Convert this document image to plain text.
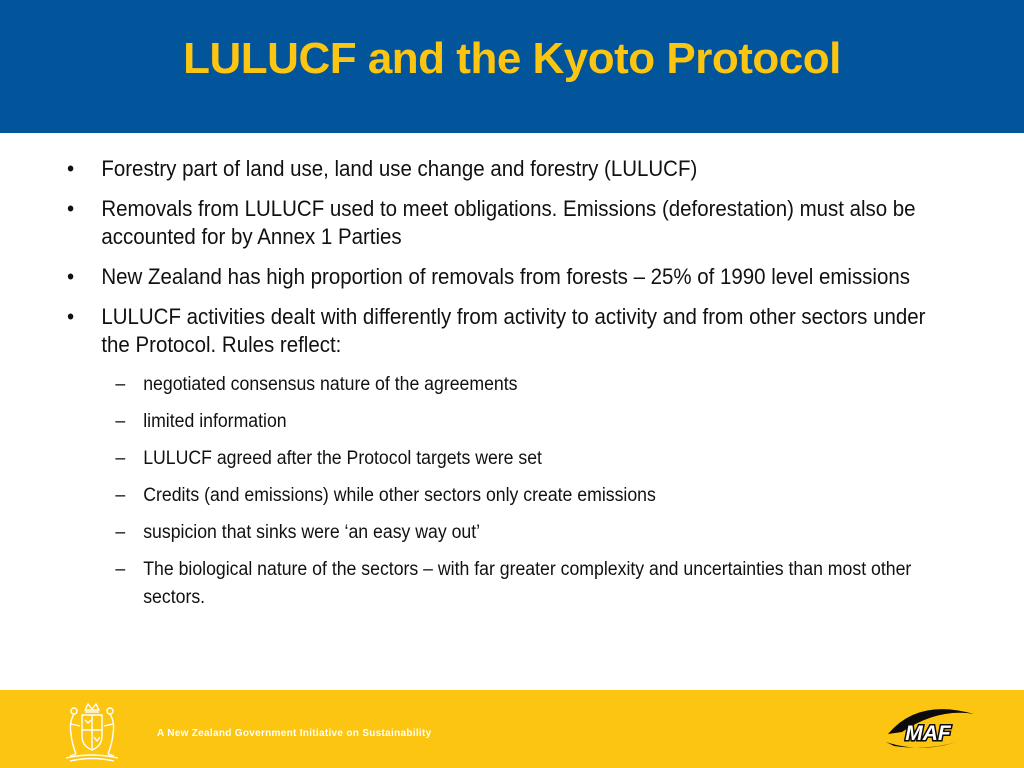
LULUCF and the Kyoto Protocol
• Forestry part of land use, land use change and forestry (LULUCF)
• Removals from LULUCF used to meet obligations. Emissions (deforestation) must also be accounted for by Annex 1 Parties
• New Zealand has high proportion of removals from forests – 25% of 1990 level emissions
• LULUCF activities dealt with differently from activity to activity and from other sectors under the Protocol. Rules reflect:
– negotiated consensus nature of the agreements
– limited information
– LULUCF agreed after the Protocol targets were set
– Credits (and emissions) while other sectors only create emissions
– suspicion that sinks were ‘an easy way out’
– The biological nature of the sectors – with far greater complexity and uncertainties than most other sectors.
A New Zealand Government Initiative on Sustainability	MAF
